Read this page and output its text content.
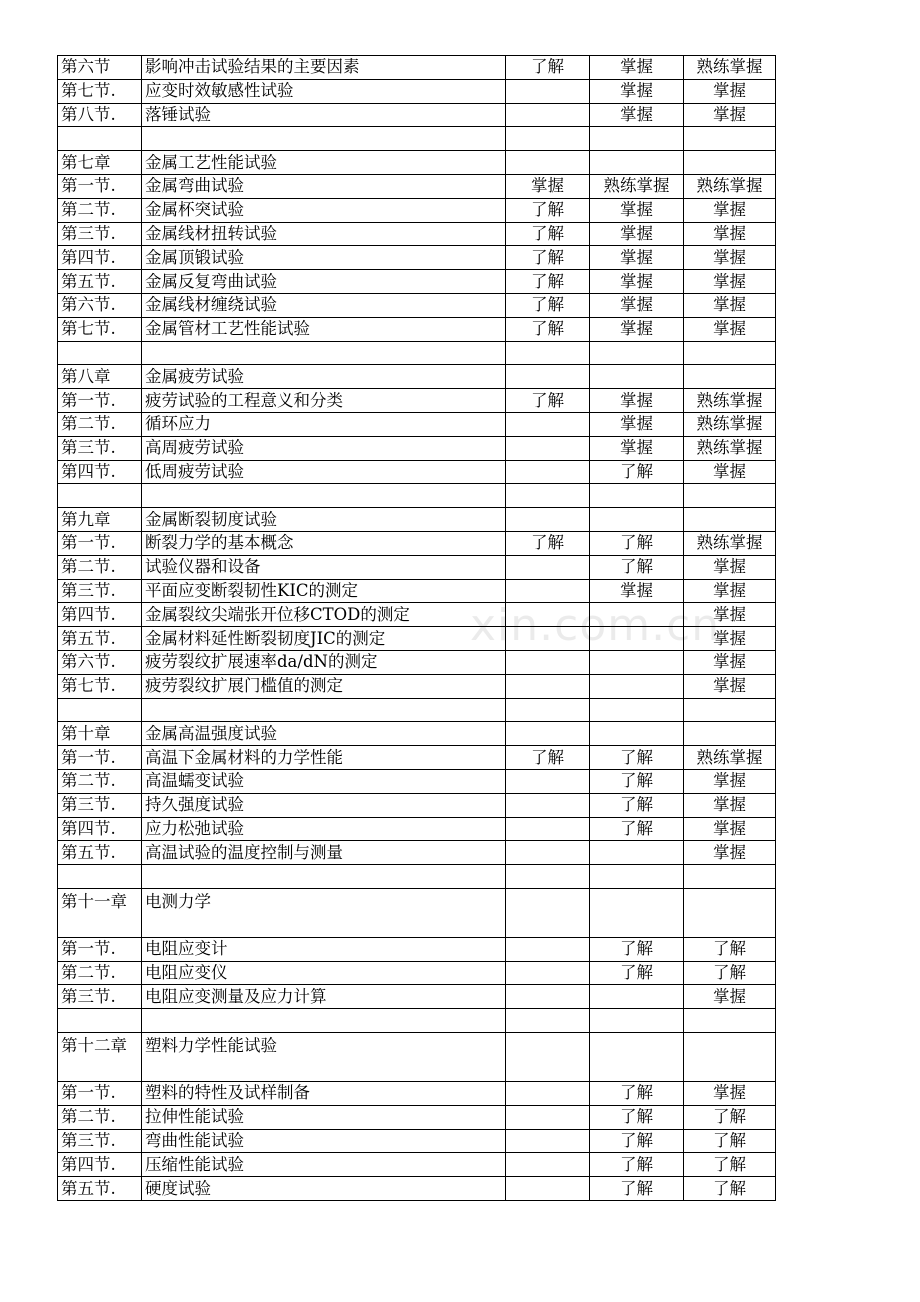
第六节	影响冲击试验结果的主要因素	了解	掌握	熟练掌握
第七节.	应变时效敏感性试验		掌握	掌握
第八节.	落锤试验		掌握	掌握

第七章	金属工艺性能试验			
第一节.	金属弯曲试验	掌握	熟练掌握	熟练掌握
第二节.	金属杯突试验	了解	掌握	掌握
第三节.	金属线材扭转试验	了解	掌握	掌握
第四节.	金属顶锻试验	了解	掌握	掌握
第五节.	金属反复弯曲试验	了解	掌握	掌握
第六节.	金属线材缠绕试验	了解	掌握	掌握
第七节.	金属管材工艺性能试验	了解	掌握	掌握

第八章	金属疲劳试验			
第一节.	疲劳试验的工程意义和分类	了解	掌握	熟练掌握
第二节.	循环应力		掌握	熟练掌握
第三节.	高周疲劳试验		掌握	熟练掌握
第四节.	低周疲劳试验		了解	掌握

第九章	金属断裂韧度试验			
第一节.	断裂力学的基本概念	了解	了解	熟练掌握
第二节.	试验仪器和设备		了解	掌握
第三节.	平面应变断裂韧性KIC的测定		掌握	掌握
第四节.	金属裂纹尖端张开位移CTOD的测定			掌握
第五节.	金属材料延性断裂韧度JIC的测定			掌握
第六节.	疲劳裂纹扩展速率da/dN的测定			掌握
第七节.	疲劳裂纹扩展门槛值的测定			掌握

第十章	金属高温强度试验			
第一节.	高温下金属材料的力学性能	了解	了解	熟练掌握
第二节.	高温蠕变试验		了解	掌握
第三节.	持久强度试验		了解	掌握
第四节.	应力松弛试验		了解	掌握
第五节.	高温试验的温度控制与测量			掌握

第十一章	电测力学			
第一节.	电阻应变计		了解	了解
第二节.	电阻应变仪		了解	了解
第三节.	电阻应变测量及应力计算			掌握

第十二章	塑料力学性能试验			
第一节.	塑料的特性及试样制备		了解	掌握
第二节.	拉伸性能试验		了解	了解
第三节.	弯曲性能试验		了解	了解
第四节.	压缩性能试验		了解	了解
第五节.	硬度试验		了解	了解
xin.com.cn
